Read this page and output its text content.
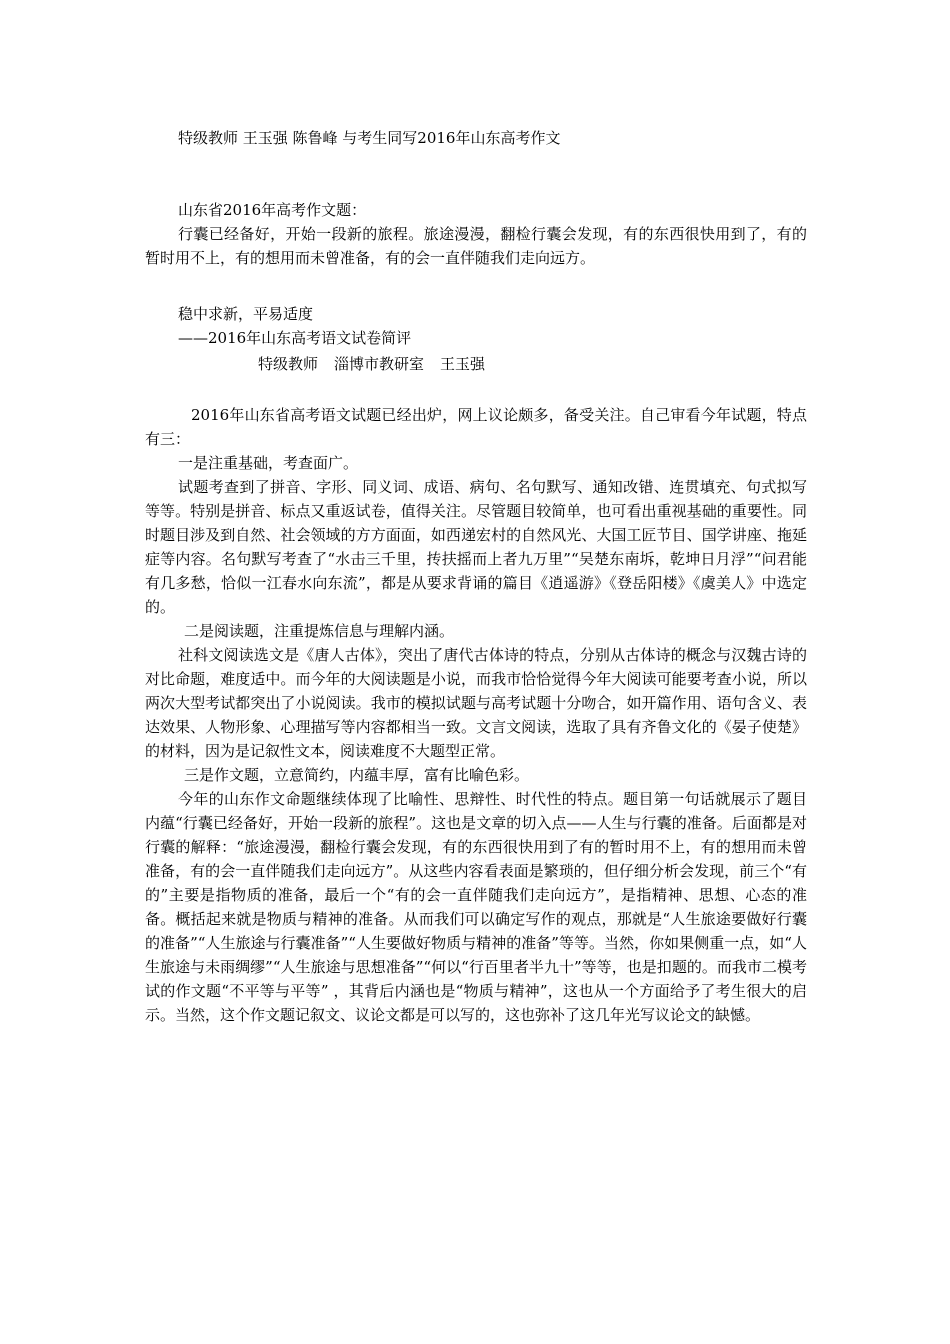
特级教师 王玉强 陈鲁峰 与考生同写2016年山东高考作文

山东省2016年高考作文题：

行囊已经备好，开始一段新的旅程。旅途漫漫，翻检行囊会发现，有的东西很快用到了，有的暂时用不上，有的想用而未曾准备，有的会一直伴随我们走向远方。

稳中求新，平易适度

——2016年山东高考语文试卷简评

特级教师 淄博市教研室 王玉强

2016年山东省高考语文试题已经出炉，网上议论颇多，备受关注。自己审看今年试题，特点有三：

一是注重基础，考查面广。

试题考查到了拼音、字形、同义词、成语、病句、名句默写、通知改错、连贯填充、句式拟写等等。特别是拼音、标点又重返试卷，值得关注。尽管题目较简单，也可看出重视基础的重要性。同时题目涉及到自然、社会领域的方方面面，如西递宏村的自然风光、大国工匠节目、国学讲座、拖延症等内容。名句默写考查了“水击三千里，抟扶摇而上者九万里”“吴楚东南坼，乾坤日月浮”“问君能有几多愁，恰似一江春水向东流”，都是从要求背诵的篇目《逍遥游》《登岳阳楼》《虞美人》中选定的。

二是阅读题，注重提炼信息与理解内涵。

社科文阅读选文是《唐人古体》，突出了唐代古体诗的特点，分别从古体诗的概念与汉魏古诗的对比命题，难度适中。而今年的大阅读题是小说，而我市恰恰觉得今年大阅读可能要考查小说，所以两次大型考试都突出了小说阅读。我市的模拟试题与高考试题十分吻合，如开篇作用、语句含义、表达效果、人物形象、心理描写等内容都相当一致。文言文阅读，选取了具有齐鲁文化的《晏子使楚》的材料，因为是记叙性文本，阅读难度不大题型正常。

三是作文题，立意简约，内蕴丰厚，富有比喻色彩。

今年的山东作文命题继续体现了比喻性、思辩性、时代性的特点。题目第一句话就展示了题目内蕴“行囊已经备好，开始一段新的旅程”。这也是文章的切入点——人生与行囊的准备。后面都是对行囊的解释：“旅途漫漫，翻检行囊会发现，有的东西很快用到了有的暂时用不上，有的想用而未曾准备，有的会一直伴随我们走向远方”。从这些内容看表面是繁琐的，但仔细分析会发现，前三个“有的”主要是指物质的准备，最后一个“有的会一直伴随我们走向远方”，是指精神、思想、心态的准备。概括起来就是物质与精神的准备。从而我们可以确定写作的观点，那就是“人生旅途要做好行囊的准备”“人生旅途与行囊准备”“人生要做好物质与精神的准备”等等。当然，你如果侧重一点，如“人生旅途与未雨绸缪”“人生旅途与思想准备”“何以“行百里者半九十”等等，也是扣题的。而我市二模考试的作文题“不平等与平等” ，其背后内涵也是“物质与精神”，这也从一个方面给予了考生很大的启示。当然，这个作文题记叙文、议论文都是可以写的，这也弥补了这几年光写议论文的缺憾。
